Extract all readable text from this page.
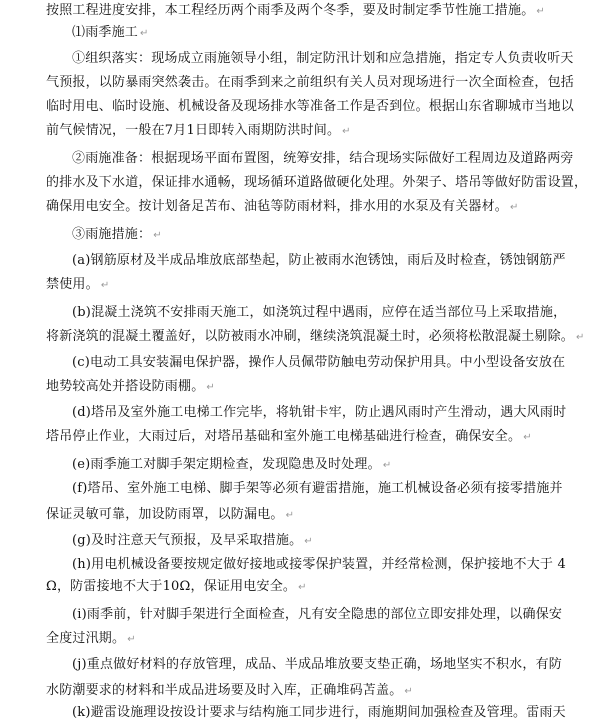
按照工程进度安排，本工程经历两个雨季及两个冬季，要及时制定季节性施工措施。 ↵
⑴雨季施工 ↵
①组织落实：现场成立雨施领导小组，制定防汛计划和应急措施，指定专人负责收听天
气预报，以防暴雨突然袭击。在雨季到来之前组织有关人员对现场进行一次全面检查，包括
临时用电、临时设施、机械设备及现场排水等准备工作是否到位。根据山东省聊城市当地以
前气候情况，一般在7月1日即转入雨期防洪时间。 ↵
②雨施准备：根据现场平面布置图，统筹安排，结合现场实际做好工程周边及道路两旁
的排水及下水道，保证排水通畅，现场循环道路做硬化处理。外架子、塔吊等做好防雷设置，
确保用电安全。按计划备足苫布、油毡等防雨材料，排水用的水泵及有关器材。 ↵
③雨施措施： ↵
(a)钢筋原材及半成品堆放底部垫起，防止被雨水泡锈蚀，雨后及时检查，锈蚀钢筋严
禁使用。 ↵
(b)混凝土浇筑不安排雨天施工，如浇筑过程中遇雨，应停在适当部位马上采取措施，
将新浇筑的混凝土覆盖好，以防被雨水冲刷，继续浇筑混凝土时，必须将松散混凝土剔除。 ↵
(c)电动工具安装漏电保护器，操作人员佩带防触电劳动保护用具。中小型设备安放在
地势较高处并搭设防雨棚。 ↵
(d)塔吊及室外施工电梯工作完毕，将轨钳卡牢，防止遇风雨时产生滑动，遇大风雨时
塔吊停止作业，大雨过后，对塔吊基础和室外施工电梯基础进行检查，确保安全。 ↵
(e)雨季施工对脚手架定期检查，发现隐患及时处理。 ↵
(f)塔吊、室外施工电梯、脚手架等必须有避雷措施，施工机械设备必须有接零措施并
保证灵敏可靠，加设防雨罩，以防漏电。 ↵
(g)及时注意天气预报，及早采取措施。 ↵
(h)用电机械设备要按规定做好接地或接零保护装置，并经常检测，保护接地不大于 4
Ω，防雷接地不大于10Ω，保证用电安全。 ↵
(i)雨季前，针对脚手架进行全面检查，凡有安全隐患的部位立即安排处理，以确保安
全度过汛期。 ↵
(j)重点做好材料的存放管理，成品、半成品堆放要支垫正确，场地坚实不积水，有防
水防潮要求的材料和半成品进场要及时入库，正确堆码苫盖。 ↵
(k)避雷设施理设按设计要求与结构施工同步进行，雨施期间加强检查及管理。雷雨天
